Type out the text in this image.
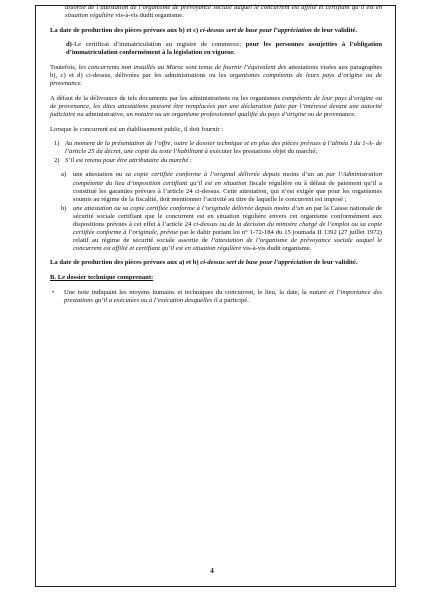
assortie de l’attestation de l’organisme de prévoyance sociale auquel le concurrent est affilié et certifiant qu’il est en situation régulière vis-à-vis dudit organisme.

La date de production des pièces prévues aux b) et c) ci-dessus sert de base pour l’appréciation de leur validité.

d)-Le certificat d’immatriculation au registre de commerce; pour les personnes assujetties à l’obligation d’immatriculation conformément à la législation en vigueur.

Toutefois, les concurrents non installés au Maroc sont tenus de fournir l’équivalent des attestations visées aux paragraphes b), c) et d) ci-dessus, délivrées par les administrations ou les organismes compétents de leurs pays d’origine ou de provenance.

A défaut de la délivrance de tels documents par les administrations ou les organismes compétents de leur pays d’origine ou de provenance, les dites attestations peuvent être remplacées par une déclaration faite par l’intéressé devant une autorité judiciaire ou administrative, un notaire ou un organisme professionnel qualifié du pays d’origine ou de provenance.

Lorsque le concurrent est un établissement public, il doit fournir :

1) Au moment de la présentation de l’offre, outre le dossier technique et en plus des pièces prévues à l’alinéa I du 1-A- de l’article 25 du décret, une copie du texte l’habilitant à exécuter les prestations objet du marché;
2) S’il est retenu pour être attributaire du marché :
a)	une attestation ou sa copie certifiée conforme à l’original délivrée depuis moins d’un an par l’Administration compétente du lieu d’imposition certifiant qu’il est en situation fiscale régulière ou à défaut de paiement qu’il a constitué les garanties prévues à l’article 24 ci-dessus. Cette attestation, qui n’est exigée que pour les organismes soumis au régime de la fiscalité, doit mentionner l’activité au titre de laquelle le concurrent est imposé ;
b) une attestation ou sa copie certifiée conforme à l’originale délivrée depuis moins d’un an par la Caisse nationale de sécurité sociale certifiant que le concurrent est en situation régulière envers cet organisme conformément aux dispositions prévues à cet effet à l’article 24 ci-dessus ou de la décision du ministre chargé de l’emploi ou sa copie certifiée conforme à l’originale, prévue par le dahir portant loi n° 1-72-184 du 15 joumada II 1392 (27 juillet 1972) relatif au régime de sécurité sociale assortie de l’attestation de l’organisme de prévoyance sociale auquel le concurrent est affilié et certifiant qu’il est en situation régulière vis-à-vis dudit organisme.

La date de production des pièces prévues aux a) et b) ci-dessus sert de base pour l’appréciation de leur validité.

B. Le dossier technique comprenant:

•	Une note indiquant les moyens humains et techniques du concurrent, le lieu, la date, la nature et l’importance des prestations qu’il a exécutées ou à l’exécution desquelles il a participé.
4
